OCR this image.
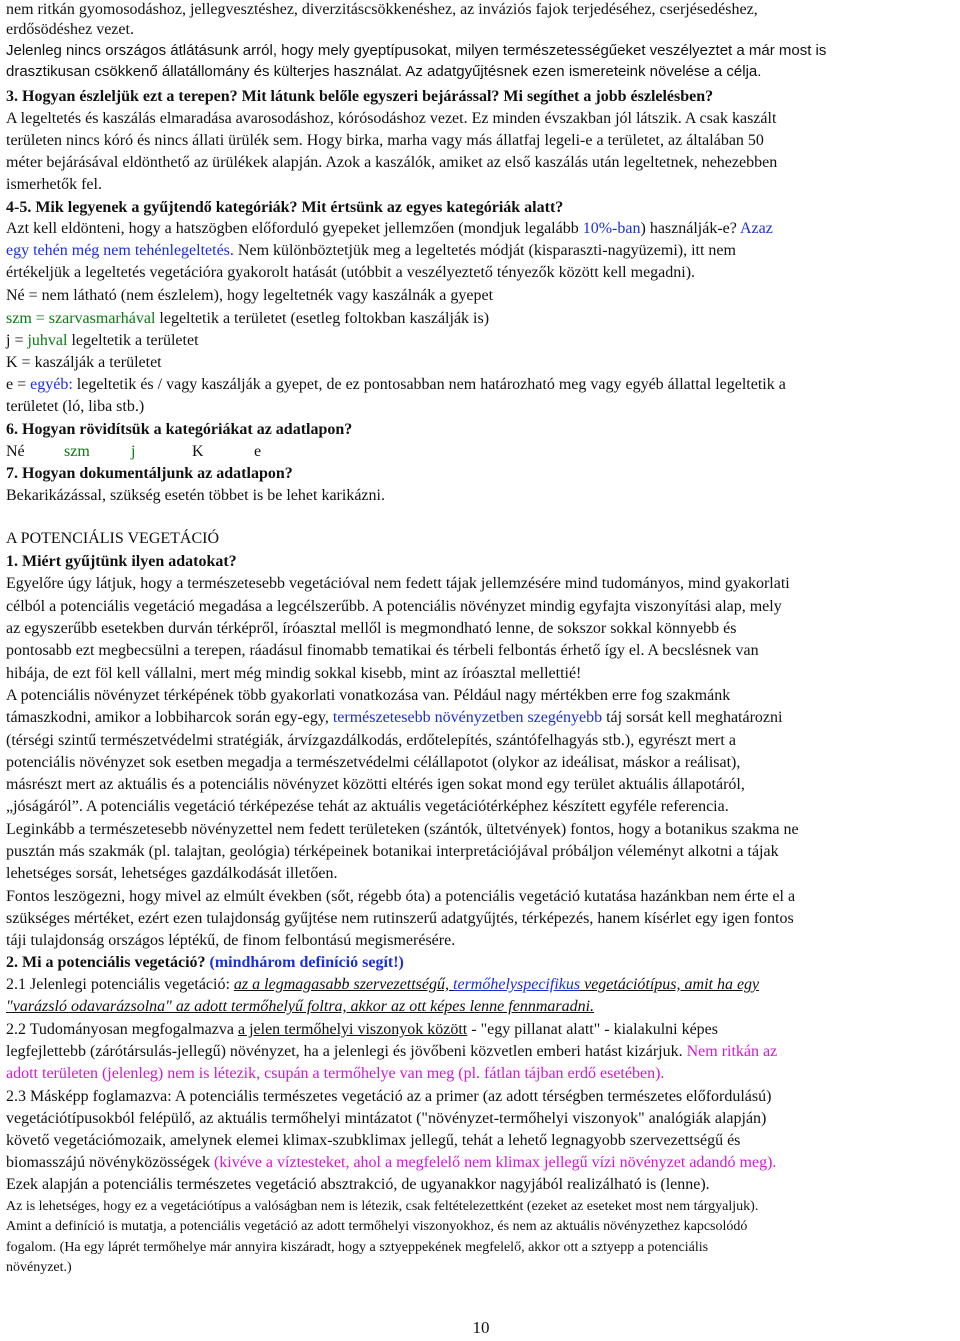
nem ritkán gyomosodáshoz, jellegvesztéshez, diverzitáscsökkenéshez, az inváziós fajok terjedéséhez, cserjésedéshez,
erdősödéshez vezet.
Jelenleg nincs országos átlátásunk arról, hogy mely gyeptípusokat, milyen természetességűeket veszélyeztet a már most is
drasztikusan csökkenő állatállomány és külterjes használat. Az adatgyűjtésnek ezen ismereteink növelése a célja.
3. Hogyan észleljük ezt a terepen? Mit látunk belőle egyszeri bejárással? Mi segíthet a jobb észlelésben?
A legeltetés és kaszálás elmaradása avarosodáshoz, kórósodáshoz vezet. Ez minden évszakban jól látszik. A csak kaszált
területen nincs kóró és nincs állati ürülék sem. Hogy birka, marha vagy más állatfaj legeli-e a területet, az általában 50
méter bejárásával eldönthető az ürülékek alapján. Azok a kaszálók, amiket az első kaszálás után legeltetnek, nehezebben
ismerhetők fel.
4-5. Mik legyenek a gyűjtendő kategóriák? Mit értsünk az egyes kategóriák alatt?
Azt kell eldönteni, hogy a hatszögben előforduló gyepeket jellemzően (mondjuk legalább 10%-ban) használják-e? Azaz
egy tehén még nem tehénlegeltetés. Nem különböztetjük meg a legeltetés módját (kisparaszti-nagyüzemi), itt nem
értékeljük a legeltetés vegetációra gyakorolt hatását (utóbbit a veszélyeztető tényezők között kell megadni).
Né = nem látható (nem észlelem), hogy legeltetnék vagy kaszálnák a gyepet
szm = szarvasmarhával legeltetik a területet (esetleg foltokban kaszálják is)
j = juhval legeltetik a területet
K = kaszálják a területet
e = egyéb: legeltetik és / vagy kaszálják a gyepet, de ez pontosabban nem határozható meg vagy egyéb állattal legeltetik a
területet (ló, liba stb.)
6. Hogyan rövidítsük a kategóriákat az adatlapon?
Né szm	j	K	e
7. Hogyan dokumentáljunk az adatlapon?
Bekarikázással, szükség esetén többet is be lehet karikázni.
A POTENCIÁLIS VEGETÁCIÓ
1. Miért gyűjtünk ilyen adatokat?
Egyelőre úgy látjuk, hogy a természetesebb vegetációval nem fedett tájak jellemzésére mind tudományos, mind gyakorlati
célból a potenciális vegetáció megadása a legcélszerűbb. A potenciális növényzet mindig egyfajta viszonyítási alap, mely
az egyszerűbb esetekben durván térképről, íróasztal mellől is megmondható lenne, de sokszor sokkal könnyebb és
pontosabb ezt megbecsülni a terepen, ráadásul finomabb tematikai és térbeli felbontás érhető így el. A becslésnek van
hibája, de ezt föl kell vállalni, mert még mindig sokkal kisebb, mint az íróasztal mellettié!
A potenciális növényzet térképének több gyakorlati vonatkozása van. Például nagy mértékben erre fog szakmánk
támaszkodni, amikor a lobbiharcok során egy-egy, természetesebb növényzetben szegényebb táj sorsát kell meghatározni
(térségi szintű természetvédelmi stratégiák, árvízgazdálkodás, erdőtelepítés, szántófelhagyás stb.), egyrészt mert a
potenciális növényzet sok esetben megadja a természetvédelmi célállapotot (olykor az ideálisat, máskor a reálisat),
másrészt mert az aktuális és a potenciális növényzet közötti eltérés igen sokat mond egy terület aktuális állapotáról,
„jóságáról”. A potenciális vegetáció térképezése tehát az aktuális vegetációtérképhez készített egyféle referencia.
Leginkább a természetesebb növényzettel nem fedett területeken (szántók, ültetvények) fontos, hogy a botanikus szakma ne
pusztán más szakmák (pl. talajtan, geológia) térképeinek botanikai interpretációjával próbáljon véleményt alkotni a tájak
lehetséges sorsát, lehetséges gazdálkodását illetően.
Fontos leszögezni, hogy mivel az elmúlt években (sőt, régebb óta) a potenciális vegetáció kutatása hazánkban nem érte el a
szükséges mértéket, ezért ezen tulajdonság gyűjtése nem rutinszerű adatgyűjtés, térképezés, hanem kísérlet egy igen fontos
táji tulajdonság országos léptékű, de finom felbontású megismerésére.
2. Mi a potenciális vegetáció? (mindhárom definíció segít!)
2.1 Jelenlegi potenciális vegetáció: az a legmagasabb szervezettségű, termőhelyspecifikus vegetációtípus, amit ha egy
"varázsló odavarázsolna" az adott termőhelyű foltra, akkor az ott képes lenne fennmaradni.
2.2 Tudományosan megfogalmazva a jelen termőhelyi viszonyok között - "egy pillanat alatt" - kialakulni képes
legfejlettebb (zárótársulás-jellegű) növényzet, ha a jelenlegi és jövőbeni közvetlen emberi hatást kizárjuk. Nem ritkán az
adott területen (jelenleg) nem is létezik, csupán a termőhelye van meg (pl. fátlan tájban erdő esetében).
2.3 Másképp foglamazva: A potenciális természetes vegetáció az a primer (az adott térségben természetes előfordulású)
vegetációtípusokból felépülő, az aktuális termőhelyi mintázatot ("növényzet-termőhelyi viszonyok" analógiák alapján)
követő vegetációmozaik, amelynek elemei klimax-szubklimax jellegű, tehát a lehető legnagyobb szervezettségű és
biomasszájú növényközösségek (kivéve a víztesteket, ahol a megfelelő nem klimax jellegű vízi növényzet adandó meg).
Ezek alapján a potenciális természetes vegetáció absztrakció, de ugyanakkor nagyjából realizálható is (lenne).
Az is lehetséges, hogy ez a vegetációtípus a valóságban nem is létezik, csak feltételezettként (ezeket az eseteket most nem tárgyaljuk).
Amint a definíció is mutatja, a potenciális vegetáció az adott termőhelyi viszonyokhoz, és nem az aktuális növényzethez kapcsolódó
fogalom. (Ha egy láprét termőhelye már annyira kiszáradt, hogy a sztyeppekének megfelelő, akkor ott a sztyepp a potenciális
növényzet.)
10
